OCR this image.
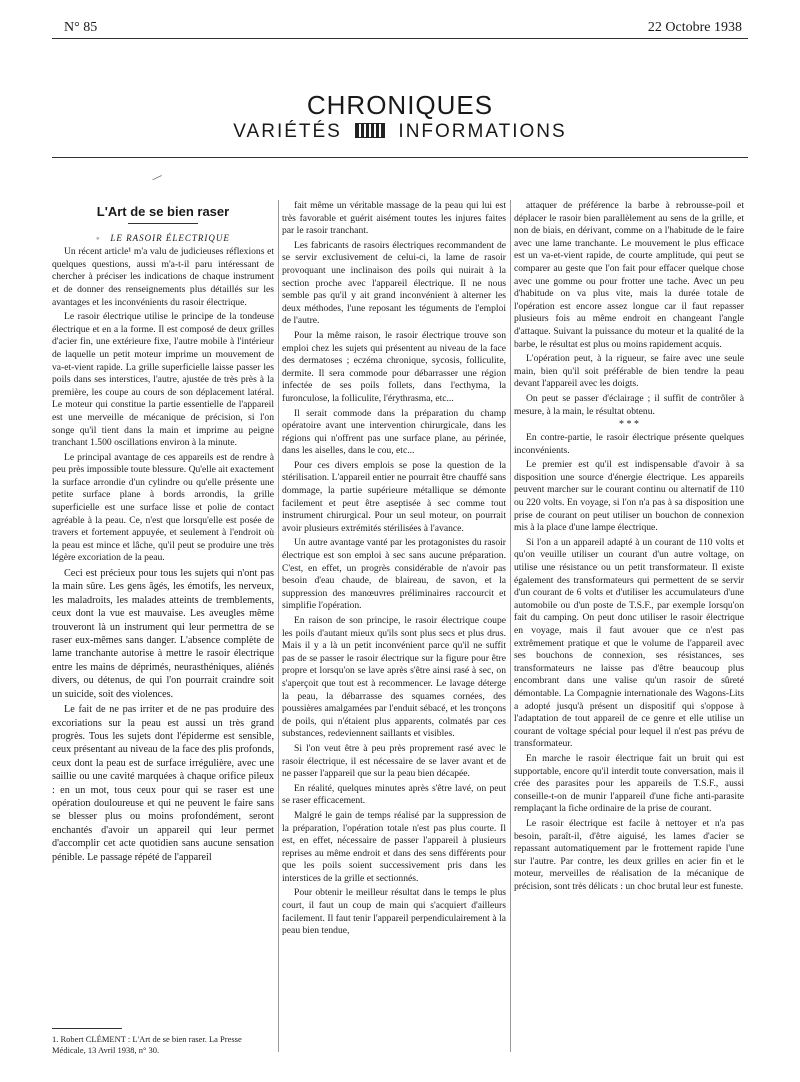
N° 85	22 Octobre 1938
CHRONIQUES
VARIÉTÉS	INFORMATIONS
—

L'Art de se bien raser

◦ LE RASOIR ÉLECTRIQUE

Un récent article¹ m'a valu de judicieuses réflexions et quelques questions, aussi m'a-t-il paru intéressant de chercher à préciser les indications de chaque instrument et de donner des renseignements plus détaillés sur les avantages et les inconvénients du rasoir électrique.

Le rasoir électrique utilise le principe de la tondeuse électrique et en a la forme. Il est composé de deux grilles d'acier fin, une extérieure fixe, l'autre mobile à l'intérieur de laquelle un petit moteur imprime un mouvement de va-et-vient rapide. La grille superficielle laisse passer les poils dans ses interstices, l'autre, ajustée de très près à la première, les coupe au cours de son déplacement latéral. Le moteur qui constitue la partie essentielle de l'appareil est une merveille de mécanique de précision, si l'on songe qu'il tient dans la main et imprime au peigne tranchant 1.500 oscillations environ à la minute.

Le principal avantage de ces appareils est de rendre à peu près impossible toute blessure. Qu'elle ait exactement la surface arrondie d'un cylindre ou qu'elle présente une petite surface plane à bords arrondis, la grille superficielle est une surface lisse et polie de contact agréable à la peau. Ce, n'est que lorsqu'elle est posée de travers et fortement appuyée, et seulement à l'endroit où la peau est mince et lâche, qu'il peut se produire une très légère excoriation de la peau.

Ceci est précieux pour tous les sujets qui n'ont pas la main sûre. Les gens âgés, les émotifs, les nerveux, les maladroits, les malades atteints de tremblements, ceux dont la vue est mauvaise. Les aveugles même trouveront là un instrument qui leur permettra de se raser eux-mêmes sans danger. L'absence complète de lame tranchante autorise à mettre le rasoir électrique entre les mains de déprimés, neurasthéniques, aliénés divers, ou détenus, de qui l'on pourrait craindre soit un suicide, soit des violences.

Le fait de ne pas irriter et de ne pas produire des excoriations sur la peau est aussi un très grand progrès. Tous les sujets dont l'épiderme est sensible, ceux présentant au niveau de la face des plis profonds, ceux dont la peau est de surface irrégulière, avec une saillie ou une cavité marquées à chaque orifice pileux : en un mot, tous ceux pour qui se raser est une opération douloureuse et qui ne peuvent le faire sans se blesser plus ou moins profondément, seront enchantés d'avoir un appareil qui leur permet d'accomplir cet acte quotidien sans aucune sensation pénible. Le passage répété de l'appareil

fait même un véritable massage de la peau qui lui est très favorable et guérit aisément toutes les injures faites par le rasoir tranchant.

Les fabricants de rasoirs électriques recommandent de se servir exclusivement de celui-ci, la lame de rasoir provoquant une inclinaison des poils qui nuirait à la section proche avec l'appareil électrique. Il ne nous semble pas qu'il y ait grand inconvénient à alterner les deux méthodes, l'une reposant les téguments de l'emploi de l'autre.

Pour la même raison, le rasoir électrique trouve son emploi chez les sujets qui présentent au niveau de la face des dermatoses ; eczéma chronique, sycosis, folliculite, dermite. Il sera commode pour débarrasser une région infectée de ses poils follets, dans l'ecthyma, la furonculose, la folliculite, l'érythrasma, etc...

Il serait commode dans la préparation du champ opératoire avant une intervention chirurgicale, dans les régions qui n'offrent pas une surface plane, au périnée, dans les aiselles, dans le cou, etc...

Pour ces divers emplois se pose la question de la stérilisation. L'appareil entier ne pourrait être chauffé sans dommage, la partie supérieure métallique se démonte facilement et peut être aseptisée à sec comme tout instrument chirurgical. Pour un seul moteur, on pourrait avoir plusieurs extrémités stérilisées à l'avance.

Un autre avantage vanté par les protagonistes du rasoir électrique est son emploi à sec sans aucune préparation. C'est, en effet, un progrès considérable de n'avoir pas besoin d'eau chaude, de blaireau, de savon, et la suppression des manœuvres préliminaires raccourcit et simplifie l'opération.

En raison de son principe, le rasoir électrique coupe les poils d'autant mieux qu'ils sont plus secs et plus drus. Mais il y a là un petit inconvénient parce qu'il ne suffit pas de se passer le rasoir électrique sur la figure pour être propre et lorsqu'on se lave après s'être ainsi rasé à sec, on s'aperçoit que tout est à recommencer. Le lavage déterge la peau, la débarrasse des squames cornées, des poussières amalgamées par l'enduit sébacé, et les tronçons de poils, qui n'étaient plus apparents, colmatés par ces substances, redeviennent saillants et visibles.

Si l'on veut être à peu près proprement rasé avec le rasoir électrique, il est nécessaire de se laver avant et de ne passer l'appareil que sur la peau bien décapée.

En réalité, quelques minutes après s'être lavé, on peut se raser efficacement.

Malgré le gain de temps réalisé par la suppression de la préparation, l'opération totale n'est pas plus courte. Il est, en effet, nécessaire de passer l'appareil à plusieurs reprises au même endroit et dans des sens différents pour que les poils soient successivement pris dans les interstices de la grille et sectionnés.

Pour obtenir le meilleur résultat dans le temps le plus court, il faut un coup de main qui s'acquiert d'ailleurs facilement. Il faut tenir l'appareil perpendiculairement à la peau bien tendue,

attaquer de préférence la barbe à rebrousse-poil et déplacer le rasoir bien parallèlement au sens de la grille, et non de biais, en dérivant, comme on a l'habitude de le faire avec une lame tranchante. Le mouvement le plus efficace est un va-et-vient rapide, de courte amplitude, qui peut se comparer au geste que l'on fait pour effacer quelque chose avec une gomme ou pour frotter une tache. Avec un peu d'habitude on va plus vite, mais la durée totale de l'opération est encore assez longue car il faut repasser plusieurs fois au même endroit en changeant l'angle d'attaque. Suivant la puissance du moteur et la qualité de la barbe, le résultat est plus ou moins rapidement acquis.

L'opération peut, à la rigueur, se faire avec une seule main, bien qu'il soit préférable de bien tendre la peau devant l'appareil avec les doigts.

On peut se passer d'éclairage ; il suffit de contrôler à mesure, à la main, le résultat obtenu.

* * *

En contre-partie, le rasoir électrique présente quelques inconvénients.

Le premier est qu'il est indispensable d'avoir à sa disposition une source d'énergie électrique. Les appareils peuvent marcher sur le courant continu ou alternatif de 110 ou 220 volts. En voyage, si l'on n'a pas à sa disposition une prise de courant on peut utiliser un bouchon de connexion mis à la place d'une lampe électrique.

Si l'on a un appareil adapté à un courant de 110 volts et qu'on veuille utiliser un courant d'un autre voltage, on utilise une résistance ou un petit transformateur. Il existe également des transformateurs qui permettent de se servir d'un courant de 6 volts et d'utiliser les accumulateurs d'une automobile ou d'un poste de T.S.F., par exemple lorsqu'on fait du camping. On peut donc utiliser le rasoir électrique en voyage, mais il faut avouer que ce n'est pas extrêmement pratique et que le volume de l'appareil avec ses bouchons de connexion, ses résistances, ses transformateurs ne laisse pas d'être beaucoup plus encombrant dans une valise qu'un rasoir de sûreté démontable. La Compagnie internationale des Wagons-Lits a adopté jusqu'à présent un dispositif qui s'oppose à l'adaptation de tout appareil de ce genre et elle utilise un courant de voltage spécial pour lequel il n'est pas prévu de transformateur.

En marche le rasoir électrique fait un bruit qui est supportable, encore qu'il interdit toute conversation, mais il crée des parasites pour les appareils de T.S.F., aussi conseille-t-on de munir l'appareil d'une fiche anti-parasite remplaçant la fiche ordinaire de la prise de courant.

Le rasoir électrique est facile à nettoyer et n'a pas besoin, paraît-il, d'être aiguisé, les lames d'acier se repassant automatiquement par le frottement rapide l'une sur l'autre. Par contre, les deux grilles en acier fin et le moteur, merveilles de réalisation de la mécanique de précision, sont très délicats : un choc brutal leur est funeste.

1. Robert CLÉMENT : L'Art de se bien raser. La Presse Médicale, 13 Avril 1938, n° 30.
